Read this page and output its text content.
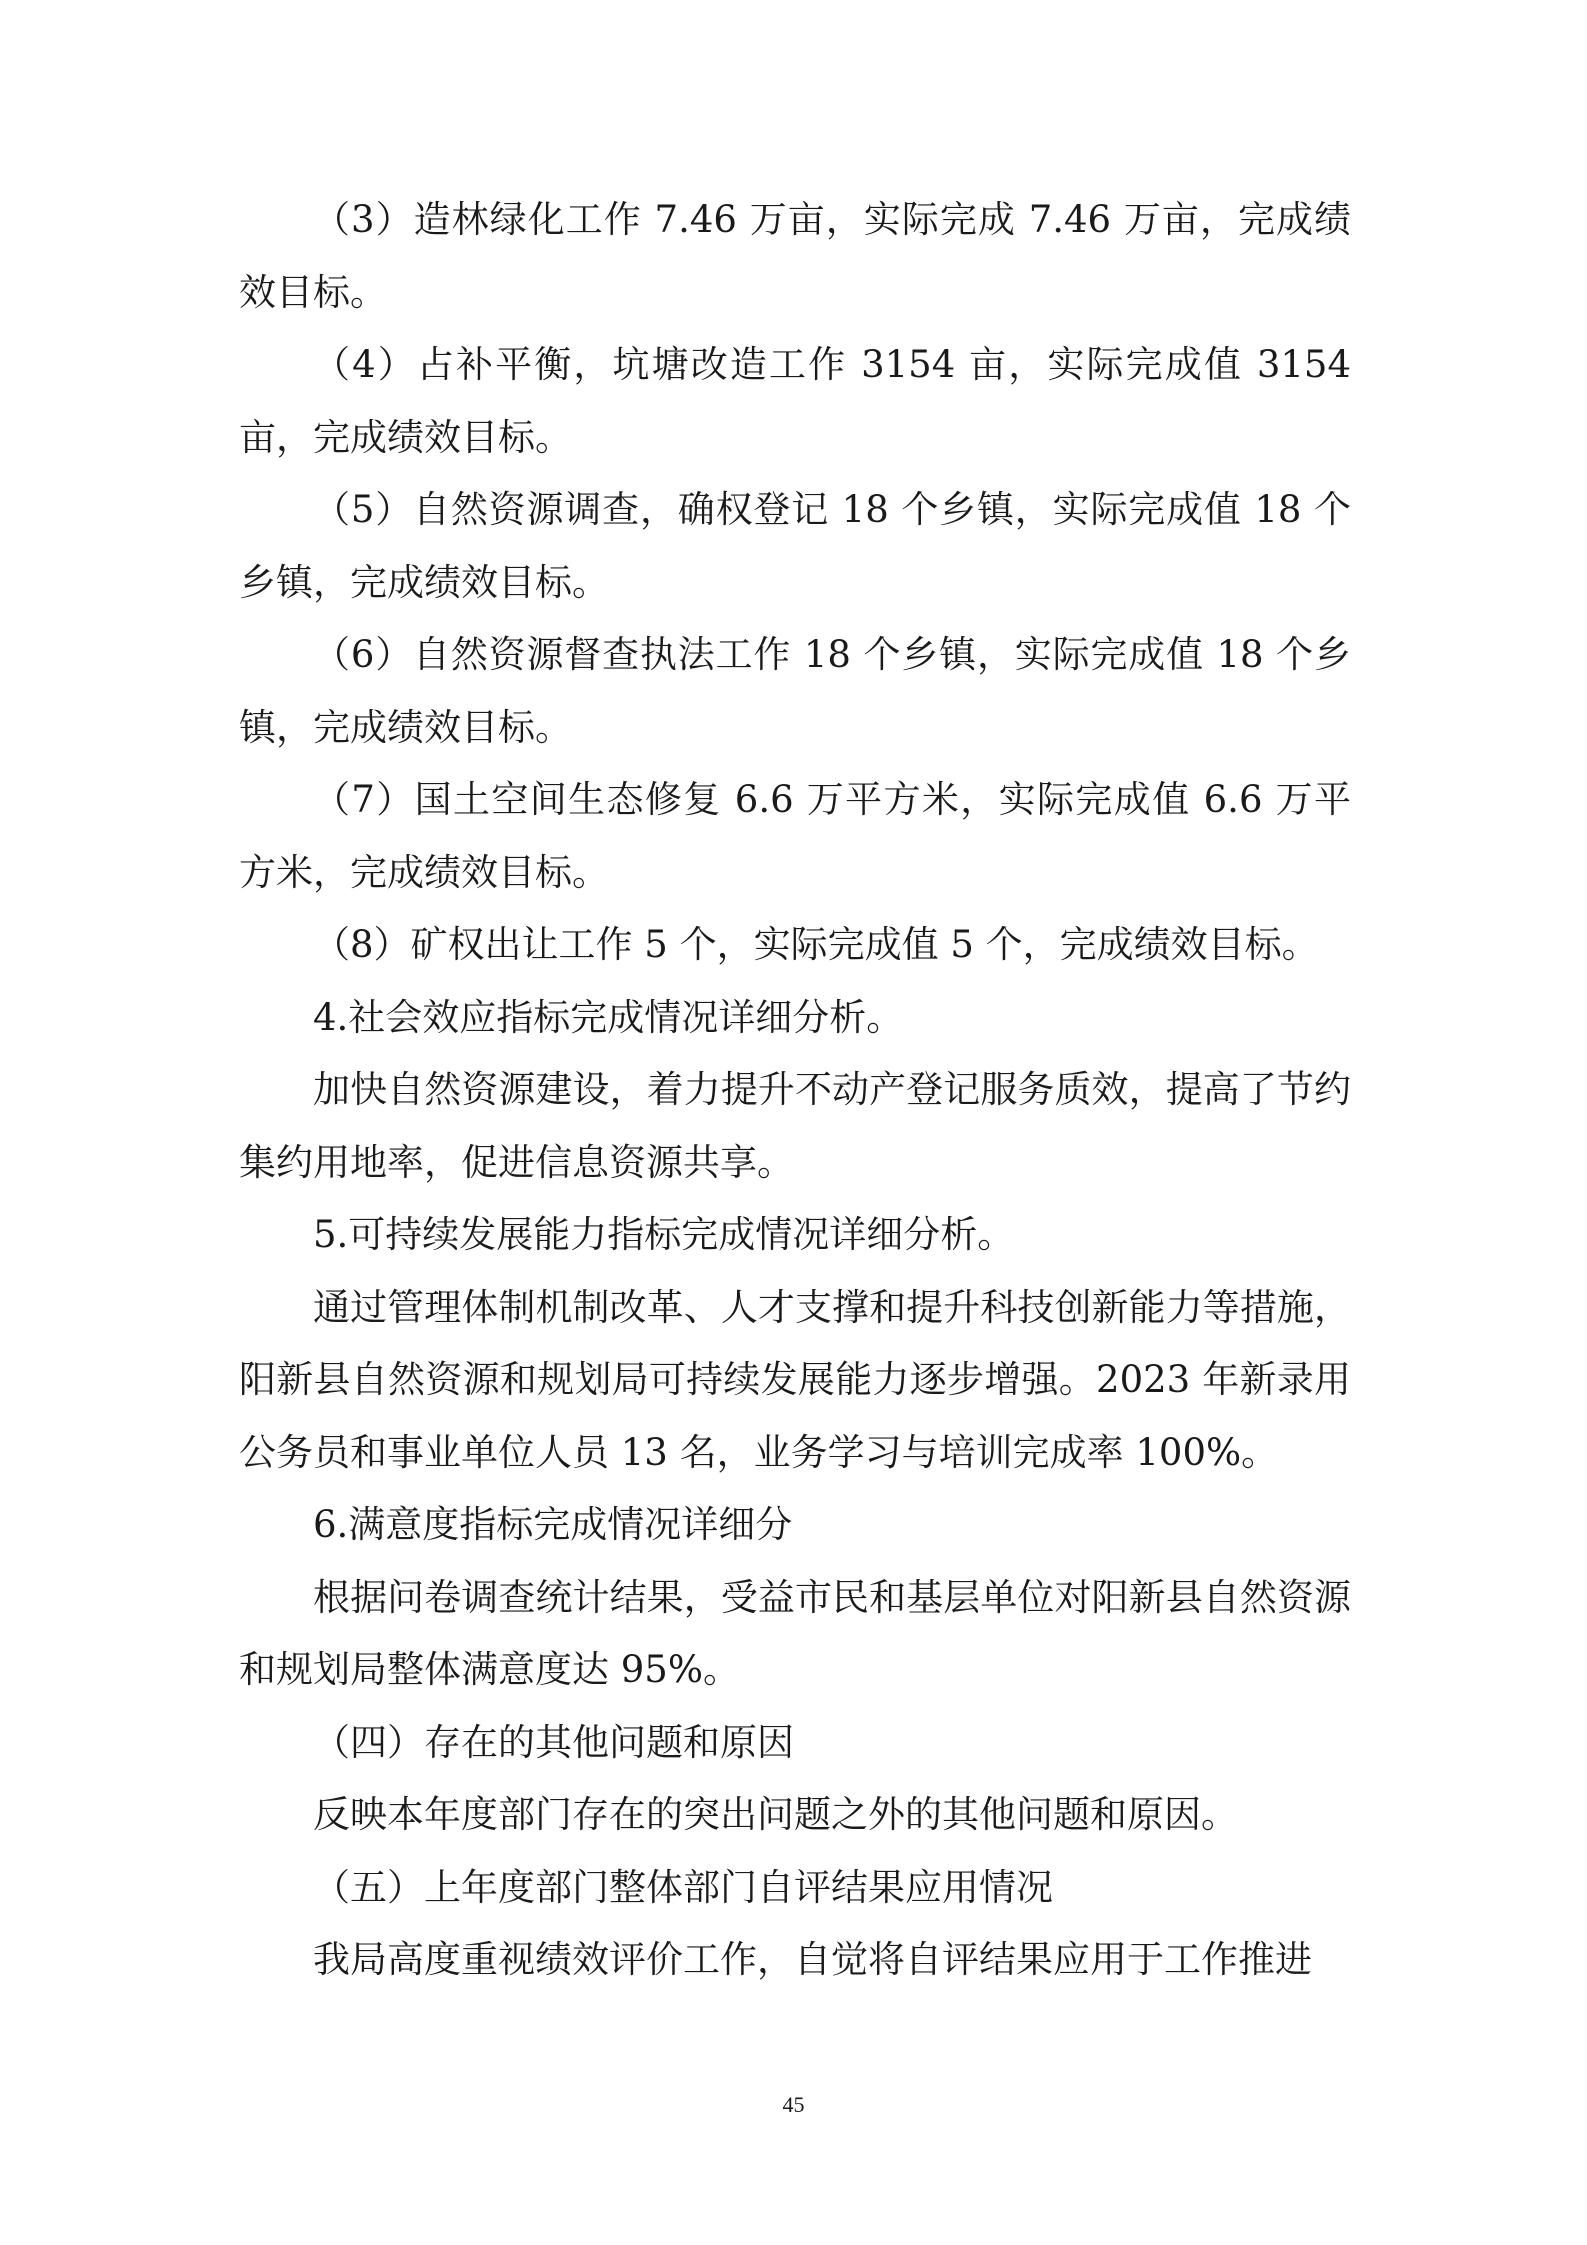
（3）造林绿化工作 7.46 万亩，实际完成 7.46 万亩，完成绩效目标。

（4）占补平衡，坑塘改造工作 3154 亩，实际完成值 3154 亩，完成绩效目标。

（5）自然资源调查，确权登记 18 个乡镇，实际完成值 18 个乡镇，完成绩效目标。

（6）自然资源督查执法工作 18 个乡镇，实际完成值 18 个乡镇，完成绩效目标。

（7）国土空间生态修复 6.6 万平方米，实际完成值 6.6 万平方米，完成绩效目标。

（8）矿权出让工作 5 个，实际完成值 5 个，完成绩效目标。

4.社会效应指标完成情况详细分析。

加快自然资源建设，着力提升不动产登记服务质效，提高了节约集约用地率，促进信息资源共享。

5.可持续发展能力指标完成情况详细分析。

通过管理体制机制改革、人才支撑和提升科技创新能力等措施，阳新县自然资源和规划局可持续发展能力逐步增强。2023 年新录用公务员和事业单位人员 13 名，业务学习与培训完成率 100%。

6.满意度指标完成情况详细分

根据问卷调查统计结果，受益市民和基层单位对阳新县自然资源和规划局整体满意度达 95%。

（四）存在的其他问题和原因

反映本年度部门存在的突出问题之外的其他问题和原因。

（五）上年度部门整体部门自评结果应用情况

我局高度重视绩效评价工作，自觉将自评结果应用于工作推进

45
